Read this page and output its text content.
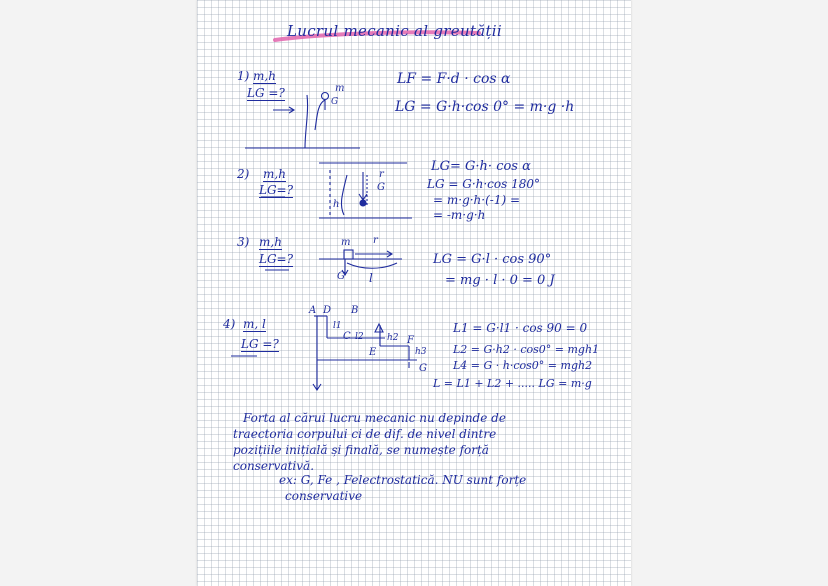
Lucrul mecanic al greutății
1) m,h
LG =?	m
G
LF = F·d · cos α
LG = G·h·cos 0° = m·g ·h
2) m,h
LG=?
h
G
r
LG= G·h· cos α
LG = G·h·cos 180°
= m·g·h·(-1) =
= -m·g·h
3) m,h
LG=?
m r
G l
LG = G·l · cos 90°
= mg · l · 0 = 0 J
4) m, l
LG =?
A D B
C
E
F
l1
l2	h2
h3
G
L1 = G·l1 · cos 90 = 0
L2 = G·h2 · cos0° = mgh1
L4 = G · h·cos0° = mgh2
L = L1 + L2 + ..... LG = m·g
Forta al cărui lucru mecanic nu depinde de
traectoria corpului ci de dif. de nivel dintre
pozițiile inițială și finală, se numește forță
conservativă.
ex: G, Fe , Felectrostatică. NU sunt forțe
conservative
